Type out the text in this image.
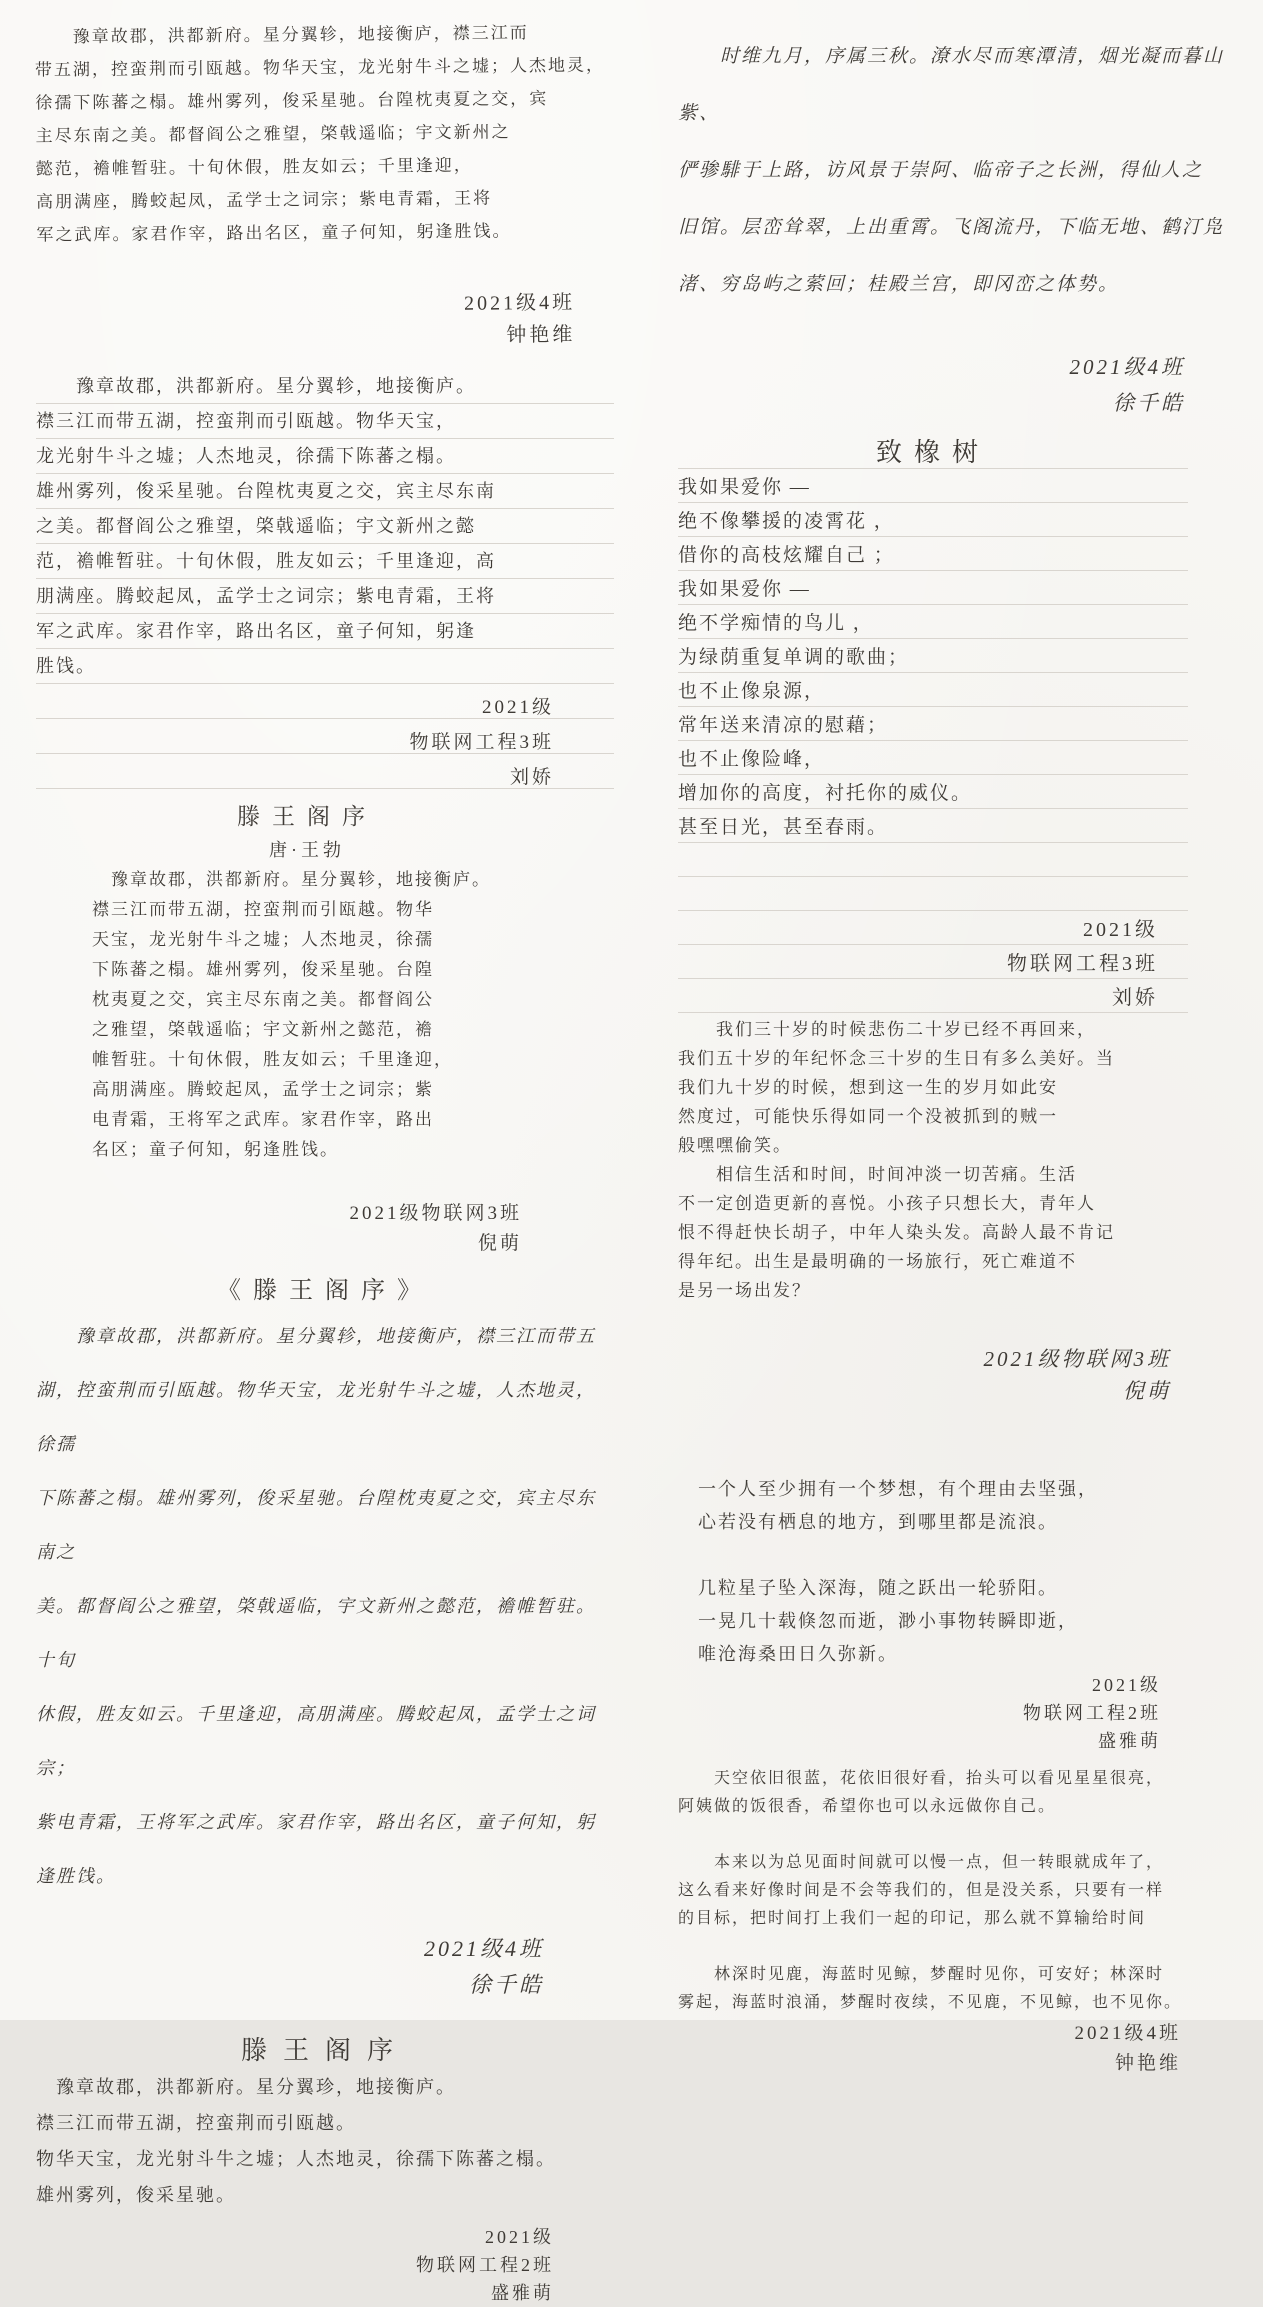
　　豫章故郡，洪都新府。星分翼轸，地接衡庐，襟三江而
带五湖，控蛮荆而引瓯越。物华天宝，龙光射牛斗之墟；人杰地灵，
徐孺下陈蕃之榻。雄州雾列，俊采星驰。台隍枕夷夏之交，宾
主尽东南之美。都督阎公之雅望，棨戟遥临；宇文新州之
懿范，襜帷暂驻。十旬休假，胜友如云；千里逢迎，
高朋满座，腾蛟起凤，孟学士之词宗；紫电青霜，王将
军之武库。家君作宰，路出名区，童子何知，躬逢胜饯。
2021级4班
钟艳维
　　豫章故郡，洪都新府。星分翼轸，地接衡庐。
襟三江而带五湖，控蛮荆而引瓯越。物华天宝，
龙光射牛斗之墟；人杰地灵，徐孺下陈蕃之榻。
雄州雾列，俊采星驰。台隍枕夷夏之交，宾主尽东南
之美。都督阎公之雅望，棨戟遥临；宇文新州之懿
范，襜帷暂驻。十旬休假，胜友如云；千里逢迎，高
朋满座。腾蛟起凤，孟学士之词宗；紫电青霜，王将
军之武库。家君作宰，路出名区，童子何知，躬逢
胜饯。
2021级
物联网工程3班
刘娇
滕王阁序
唐·王勃
　豫章故郡，洪都新府。星分翼轸，地接衡庐。
襟三江而带五湖，控蛮荆而引瓯越。物华
天宝，龙光射牛斗之墟；人杰地灵，徐孺
下陈蕃之榻。雄州雾列，俊采星驰。台隍
枕夷夏之交，宾主尽东南之美。都督阎公
之雅望，棨戟遥临；宇文新州之懿范，襜
帷暂驻。十旬休假，胜友如云；千里逢迎，
高朋满座。腾蛟起凤，孟学士之词宗；紫
电青霜，王将军之武库。家君作宰，路出
名区；童子何知，躬逢胜饯。
2021级物联网3班
倪萌
《滕王阁序》
　　豫章故郡，洪都新府。星分翼轸，地接衡庐，襟三江而带五
湖，控蛮荆而引瓯越。物华天宝，龙光射牛斗之墟，人杰地灵，徐孺
下陈蕃之榻。雄州雾列，俊采星驰。台隍枕夷夏之交，宾主尽东南之
美。都督阎公之雅望，棨戟遥临，宇文新州之懿范，襜帷暂驻。十旬
休假，胜友如云。千里逢迎，高朋满座。腾蛟起凤，孟学士之词宗；
紫电青霜，王将军之武库。家君作宰，路出名区，童子何知，躬逢胜饯。
2021级4班
徐千皓
滕王阁序
　豫章故郡，洪都新府。星分翼珍，地接衡庐。
襟三江而带五湖，控蛮荆而引瓯越。
物华天宝，龙光射斗牛之墟；人杰地灵，徐孺下陈蕃之榻。
雄州雾列，俊采星驰。
2021级
物联网工程2班
盛雅萌
　　时维九月，序属三秋。潦水尽而寒潭清，烟光凝而暮山紫、
俨骖騑于上路，访风景于崇阿、临帝子之长洲，得仙人之
旧馆。层峦耸翠，上出重霄。飞阁流丹，下临无地、鹤汀凫
渚、穷岛屿之萦回；桂殿兰宫，即冈峦之体势。
2021级4班
徐千皓
致橡树
我如果爱你 —
绝不像攀援的凌霄花 ，
借你的高枝炫耀自己 ；
我如果爱你 —
绝不学痴情的鸟儿 ，
为绿荫重复单调的歌曲；
也不止像泉源，
常年送来清凉的慰藉；
也不止像险峰，
增加你的高度，衬托你的威仪。
甚至日光，甚至春雨。

2021级
物联网工程3班
刘娇
　　我们三十岁的时候悲伤二十岁已经不再回来，
我们五十岁的年纪怀念三十岁的生日有多么美好。当
我们九十岁的时候，想到这一生的岁月如此安
然度过，可能快乐得如同一个没被抓到的贼一
般嘿嘿偷笑。
　　相信生活和时间，时间冲淡一切苦痛。生活
不一定创造更新的喜悦。小孩子只想长大，青年人
恨不得赶快长胡子，中年人染头发。高龄人最不肯记
得年纪。出生是最明确的一场旅行，死亡难道不
是另一场出发？
2021级物联网3班
倪萌
　一个人至少拥有一个梦想，有个理由去坚强，
　心若没有栖息的地方，到哪里都是流浪。

　几粒星子坠入深海，随之跃出一轮骄阳。
　一晃几十载倏忽而逝，渺小事物转瞬即逝，
　唯沧海桑田日久弥新。
2021级
物联网工程2班
盛雅萌
　　天空依旧很蓝，花依旧很好看，抬头可以看见星星很亮，
阿姨做的饭很香，希望你也可以永远做你自己。

　　本来以为总见面时间就可以慢一点，但一转眼就成年了，
这么看来好像时间是不会等我们的，但是没关系，只要有一样
的目标，把时间打上我们一起的印记，那么就不算输给时间

　　林深时见鹿，海蓝时见鲸，梦醒时见你，可安好；林深时
雾起，海蓝时浪涌，梦醒时夜续，不见鹿，不见鲸，也不见你。
2021级4班
钟艳维
